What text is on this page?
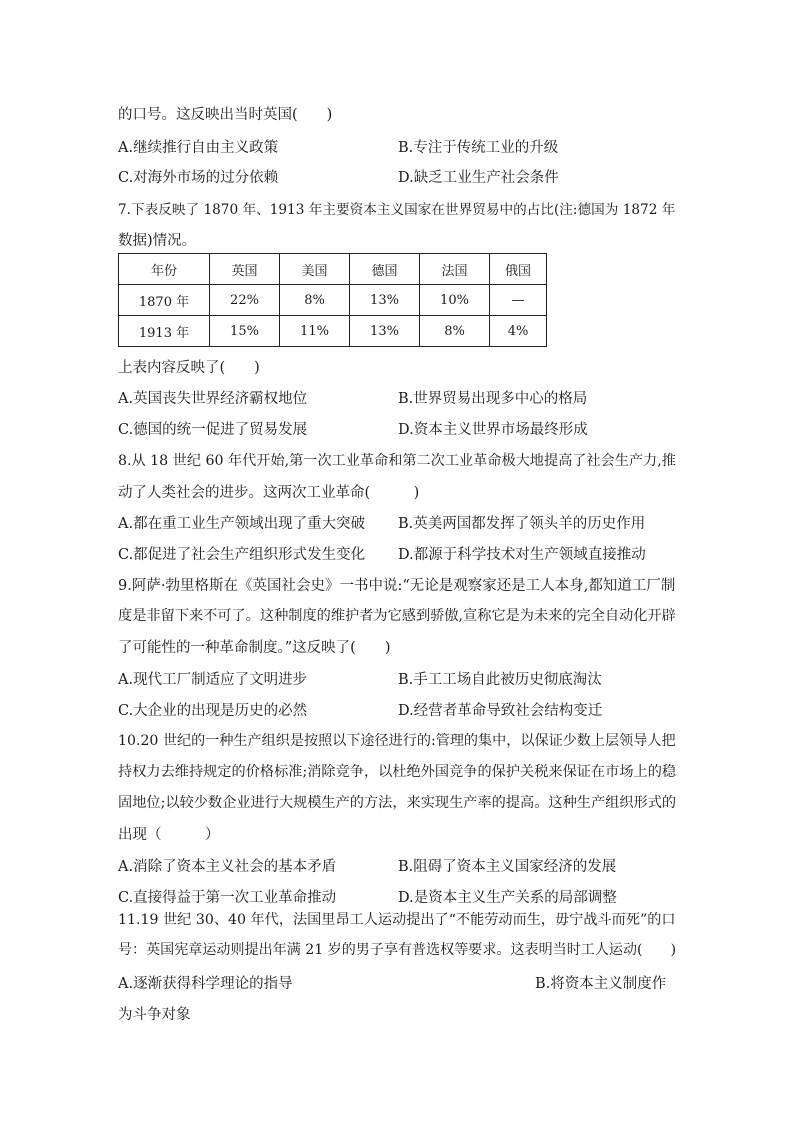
的口号。这反映出当时英国(　　)
A.继续推行自由主义政策	B.专注于传统工业的升级
C.对海外市场的过分依赖	D.缺乏工业生产社会条件
7.下表反映了 1870 年、1913 年主要资本主义国家在世界贸易中的占比(注:德国为 1872 年
数据)情况。
年份	英国	美国	德国	法国	俄国
1870 年	22%	8%	13%	10%	—
1913 年	15%	11%	13%	8%	4%
上表内容反映了(　　)
A.英国丧失世界经济霸权地位	B.世界贸易出现多中心的格局
C.德国的统一促进了贸易发展	D.资本主义世界市场最终形成
8.从 18 世纪 60 年代开始,第一次工业革命和第二次工业革命极大地提高了社会生产力,推
动了人类社会的进步。这两次工业革命(　　　)
A.都在重工业生产领域出现了重大突破 B.英美两国都发挥了领头羊的历史作用
C.都促进了社会生产组织形式发生变化 D.都源于科学技术对生产领域直接推动
9.阿萨·勃里格斯在《英国社会史》一书中说:“无论是观察家还是工人本身,都知道工厂制
度是非留下来不可了。这种制度的维护者为它感到骄傲,宣称它是为未来的完全自动化开辟
了可能性的一种革命制度。”这反映了(　　)
A.现代工厂制适应了文明进步	B.手工工场自此被历史彻底淘汰
C.大企业的出现是历史的必然	D.经营者革命导致社会结构变迁
10.20 世纪的一种生产组织是按照以下途径进行的:管理的集中，以保证少数上层领导人把
持权力去维持规定的价格标准;消除竞争，以杜绝外国竞争的保护关税来保证在市场上的稳
固地位;以较少数企业进行大规模生产的方法，来实现生产率的提高。这种生产组织形式的
出现（　　　）
A.消除了资本主义社会的基本矛盾	B.阻碍了资本主义国家经济的发展
C.直接得益于第一次工业革命推动	D.是资本主义生产关系的局部调整
11.19 世纪 30、40 年代，法国里昂工人运动提出了“不能劳动而生，毋宁战斗而死”的口
号：英国宪章运动则提出年满 21 岁的男子享有普选权等要求。这表明当时工人运动(　　)
A.逐渐获得科学理论的指导	B.将资本主义制度作
为斗争对象
